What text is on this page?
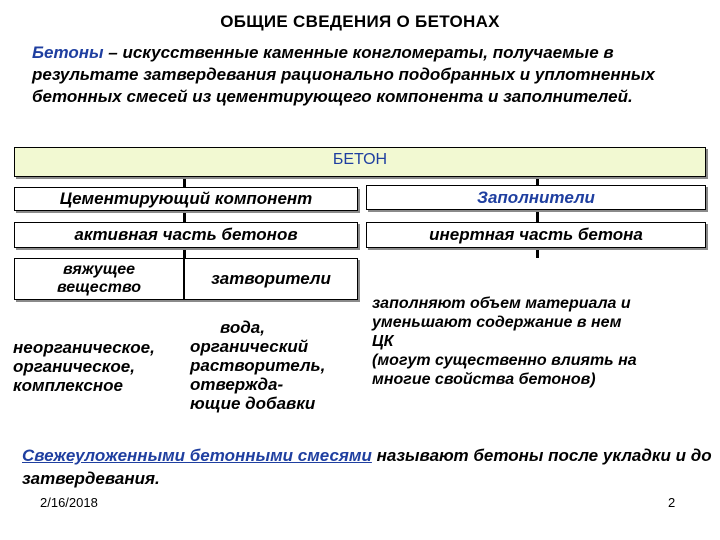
ОБЩИЕ СВЕДЕНИЯ О БЕТОНАХ
Бетоны – искусственные каменные конгломераты, получаемые в результате затвердевания рационально подобранных и уплотненных бетонных смесей из цементирующего компонента и заполнителей.
БЕТОН
Цементирующий компонент	Заполнители
активная часть бетонов	инертная часть бетона
вяжущее
вещество	затворители
неорганическое,
органическое,
комплексное
вода,
органический
растворитель,
отвержда-
ющие добавки
заполняют объем материала и
уменьшают содержание в нем
ЦК
(могут существенно влиять на
многие свойства бетонов)
Свежеуложенными бетонными смесями называют бетоны после укладки и до затвердевания.
2/16/2018	2
